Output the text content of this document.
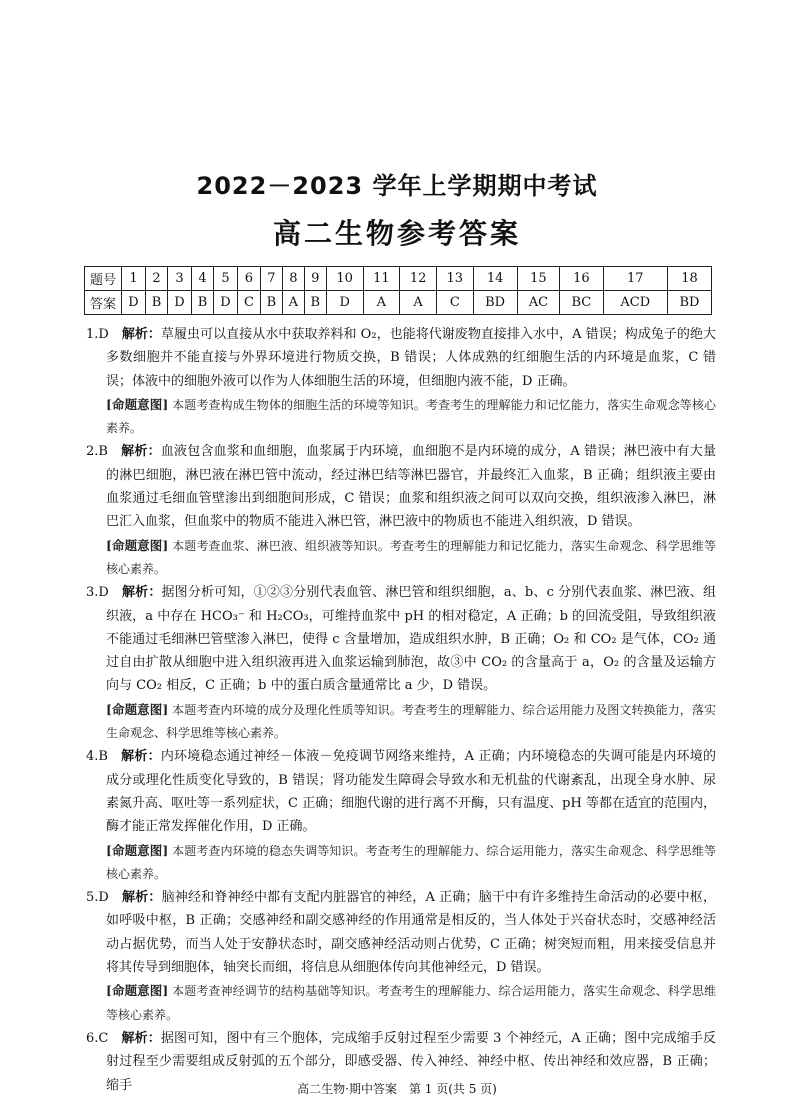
2022－2023 学年上学期期中考试
高二生物参考答案
题号	1	2	3	4	5	6	7	8	9	10	11	12	13	14	15	16	17	18
答案	D	B	D	B	D	C	B	A	B	D	A	A	C	BD	AC	BC	ACD	BD

1.D  解析：草履虫可以直接从水中获取养料和 O₂，也能将代谢废物直接排入水中，A 错误；构成兔子的绝大多数细胞并不能直接与外界环境进行物质交换，B 错误；人体成熟的红细胞生活的内环境是血浆，C 错误；体液中的细胞外液可以作为人体细胞生活的环境，但细胞内液不能，D 正确。

[命题意图] 本题考查构成生物体的细胞生活的环境等知识。考查考生的理解能力和记忆能力，落实生命观念等核心素养。

2.B  解析：血液包含血浆和血细胞，血浆属于内环境，血细胞不是内环境的成分，A 错误；淋巴液中有大量的淋巴细胞，淋巴液在淋巴管中流动，经过淋巴结等淋巴器官，并最终汇入血浆，B 正确；组织液主要由血浆通过毛细血管壁渗出到细胞间形成，C 错误；血浆和组织液之间可以双向交换，组织液渗入淋巴，淋巴汇入血浆，但血浆中的物质不能进入淋巴管，淋巴液中的物质也不能进入组织液，D 错误。

[命题意图] 本题考查血浆、淋巴液、组织液等知识。考查考生的理解能力和记忆能力，落实生命观念、科学思维等核心素养。

3.D  解析：据图分析可知，①②③分别代表血管、淋巴管和组织细胞，a、b、c 分别代表血浆、淋巴液、组织液，a 中存在 HCO₃⁻ 和 H₂CO₃，可维持血浆中 pH 的相对稳定，A 正确；b 的回流受阻，导致组织液不能通过毛细淋巴管壁渗入淋巴，使得 c 含量增加，造成组织水肿，B 正确；O₂ 和 CO₂ 是气体，CO₂ 通过自由扩散从细胞中进入组织液再进入血浆运输到肺泡，故③中 CO₂ 的含量高于 a，O₂ 的含量及运输方向与 CO₂ 相反，C 正确；b 中的蛋白质含量通常比 a 少，D 错误。

[命题意图] 本题考查内环境的成分及理化性质等知识。考查考生的理解能力、综合运用能力及图文转换能力，落实生命观念、科学思维等核心素养。

4.B  解析：内环境稳态通过神经－体液－免疫调节网络来维持，A 正确；内环境稳态的失调可能是内环境的成分或理化性质变化导致的，B 错误；肾功能发生障碍会导致水和无机盐的代谢紊乱，出现全身水肿、尿素氮升高、呕吐等一系列症状，C 正确；细胞代谢的进行离不开酶，只有温度、pH 等都在适宜的范围内，酶才能正常发挥催化作用，D 正确。

[命题意图] 本题考查内环境的稳态失调等知识。考查考生的理解能力、综合运用能力，落实生命观念、科学思维等核心素养。

5.D  解析：脑神经和脊神经中都有支配内脏器官的神经，A 正确；脑干中有许多维持生命活动的必要中枢，如呼吸中枢，B 正确；交感神经和副交感神经的作用通常是相反的，当人体处于兴奋状态时，交感神经活动占据优势，而当人处于安静状态时，副交感神经活动则占优势，C 正确；树突短而粗，用来接受信息并将其传导到细胞体，轴突长而细，将信息从细胞体传向其他神经元，D 错误。

[命题意图] 本题考查神经调节的结构基础等知识。考查考生的理解能力、综合运用能力，落实生命观念、科学思维等核心素养。

6.C  解析：据图可知，图中有三个胞体，完成缩手反射过程至少需要 3 个神经元，A 正确；图中完成缩手反射过程至少需要组成反射弧的五个部分，即感受器、传入神经、神经中枢、传出神经和效应器，B 正确；缩手	高二生物·期中答案　第 1 页(共 5 页)
